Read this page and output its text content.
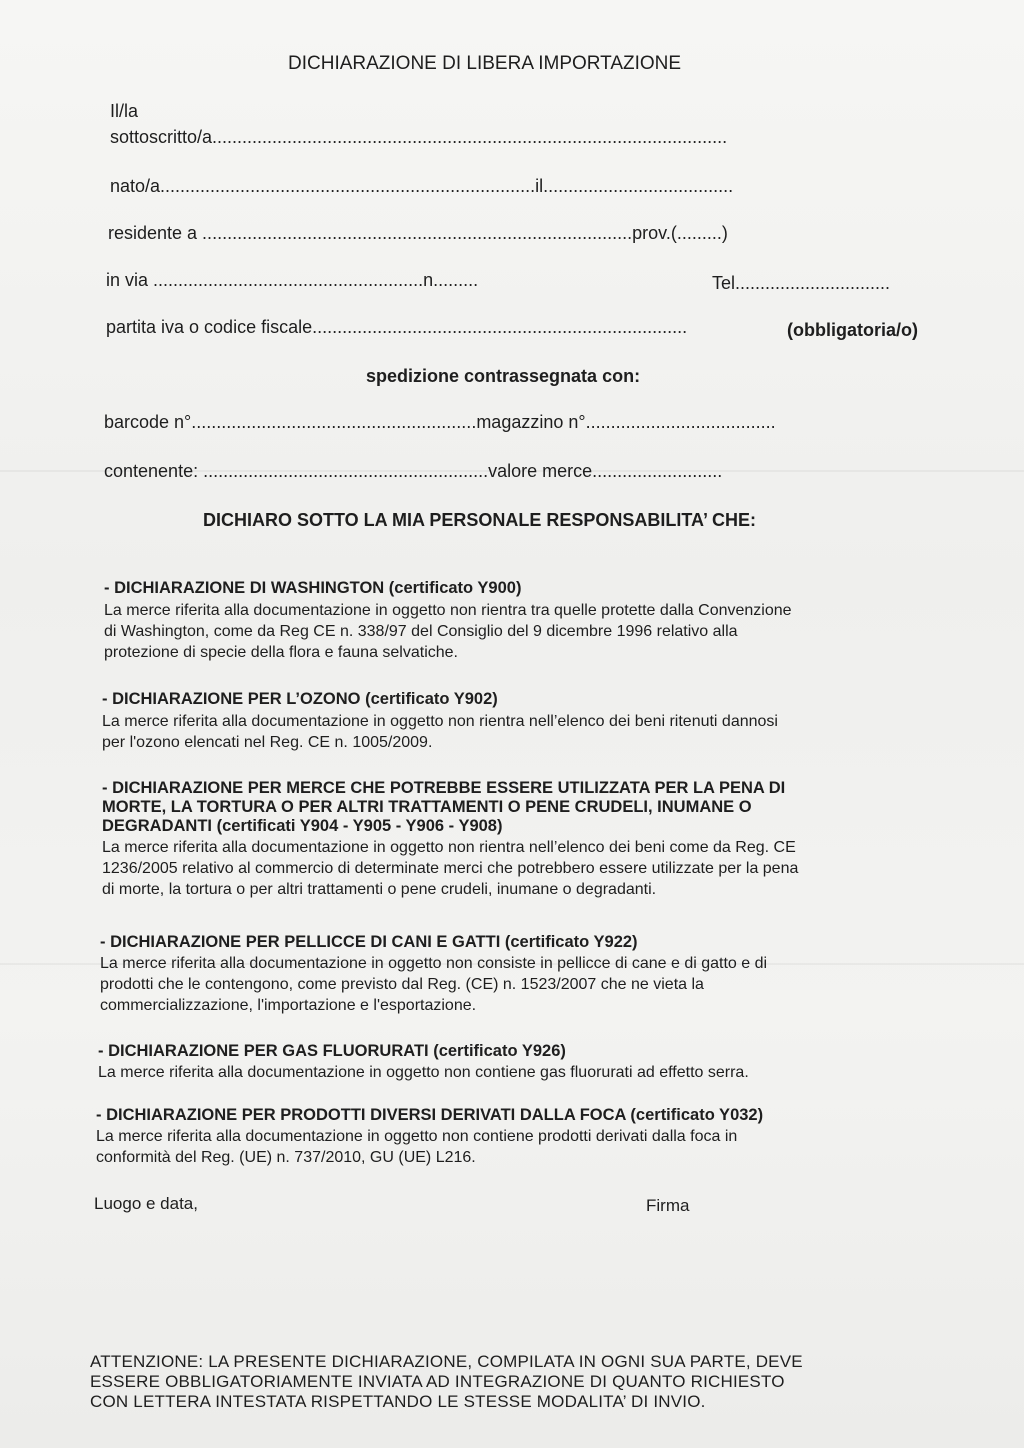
DICHIARAZIONE DI LIBERA IMPORTAZIONE
Il/la
sottoscritto/a.......................................................................................................
nato/a...........................................................................il......................................
residente a ......................................................................................prov.(.........)
in via ......................................................n.........	Tel...............................
partita iva o codice fiscale...........................................................................	(obbligatoria/o)
spedizione contrassegnata con:
barcode n°.........................................................magazzino n°......................................
contenente: .........................................................valore merce..........................
DICHIARO SOTTO LA MIA PERSONALE RESPONSABILITA’ CHE:
- DICHIARAZIONE DI WASHINGTON (certificato Y900)
La merce riferita alla documentazione in oggetto non rientra tra quelle protette dalla Convenzione
di Washington, come da Reg CE n. 338/97 del Consiglio del 9 dicembre 1996 relativo alla
protezione di specie della flora e fauna selvatiche.
- DICHIARAZIONE PER L’OZONO (certificato Y902)
La merce riferita alla documentazione in oggetto non rientra nell’elenco dei beni ritenuti dannosi
per l'ozono elencati nel Reg. CE n. 1005/2009.
- DICHIARAZIONE PER MERCE CHE POTREBBE ESSERE UTILIZZATA PER LA PENA DI
MORTE, LA TORTURA O PER ALTRI TRATTAMENTI O PENE CRUDELI, INUMANE O
DEGRADANTI (certificati Y904 - Y905 - Y906 - Y908)
La merce riferita alla documentazione in oggetto non rientra nell’elenco dei beni come da Reg. CE
1236/2005 relativo al commercio di determinate merci che potrebbero essere utilizzate per la pena
di morte, la tortura o per altri trattamenti o pene crudeli, inumane o degradanti.
- DICHIARAZIONE PER PELLICCE DI CANI E GATTI (certificato Y922)
La merce riferita alla documentazione in oggetto non consiste in pellicce di cane e di gatto e di
prodotti che le contengono, come previsto dal Reg. (CE) n. 1523/2007 che ne vieta la
commercializzazione, l'importazione e l'esportazione.
- DICHIARAZIONE PER GAS FLUORURATI (certificato Y926)
La merce riferita alla documentazione in oggetto non contiene gas fluorurati ad effetto serra.
- DICHIARAZIONE PER PRODOTTI DIVERSI DERIVATI DALLA FOCA (certificato Y032)
La merce riferita alla documentazione in oggetto non contiene prodotti derivati dalla foca in
conformità del Reg. (UE) n. 737/2010, GU (UE) L216.
Luogo e data,	Firma
ATTENZIONE: LA PRESENTE DICHIARAZIONE, COMPILATA IN OGNI SUA PARTE, DEVE
ESSERE OBBLIGATORIAMENTE INVIATA AD INTEGRAZIONE DI QUANTO RICHIESTO
CON LETTERA INTESTATA RISPETTANDO LE STESSE MODALITA’ DI INVIO.
